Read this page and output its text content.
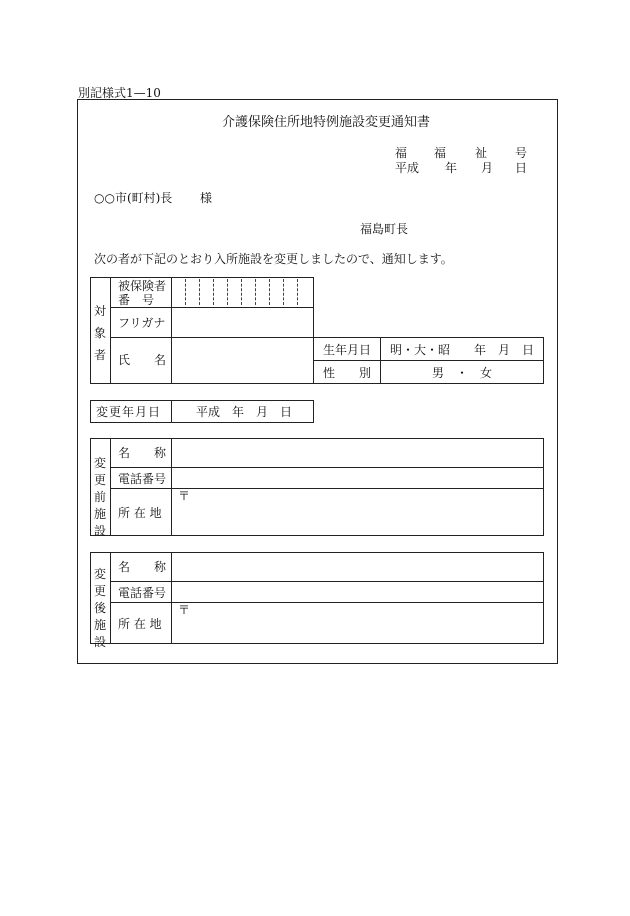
別記様式1—10
介護保険住所地特例施設変更通知書
福 福 祉 号
平成 年 月 日
○○市(町村)長 様
福島町長
次の者が下記のとおり入所施設を変更しましたので、通知します。
対
象
者
被保険者
番　号
フリガナ
氏　　名
生年月日 明・大・昭　　年　月　日
性　　別	男　・　女
変更年月日	平成　年　月　日
変
更
前
施
設
名　　称
電話番号
所 在 地
〒
変
更
後
施
設
名　　称
電話番号
所 在 地
〒
